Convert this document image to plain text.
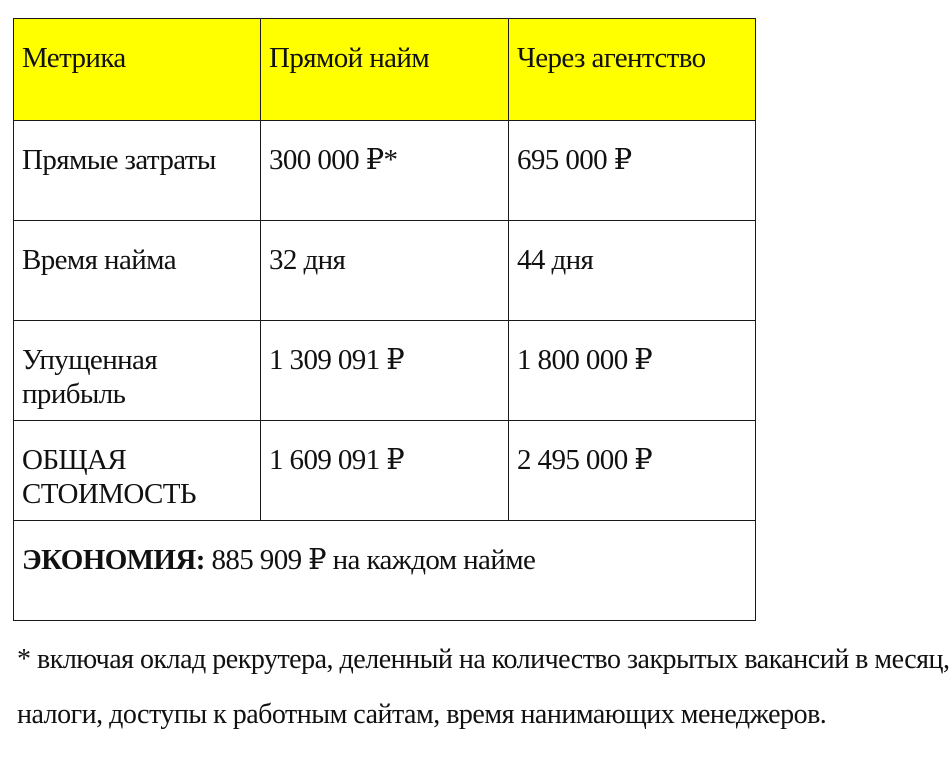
Метрика	Прямой найм	Через агентство
Прямые затраты	300 000 ₽*	695 000 ₽
Время найма	32 дня	44 дня
Упущенная прибыль	1 309 091 ₽	1 800 000 ₽
ОБЩАЯ СТОИМОСТЬ	1 609 091 ₽	2 495 000 ₽
ЭКОНОМИЯ: 885 909 ₽ на каждом найме		
* включая оклад рекрутера, деленный на количество закрытых вакансий в месяц,
налоги, доступы к работным сайтам, время нанимающих менеджеров.
